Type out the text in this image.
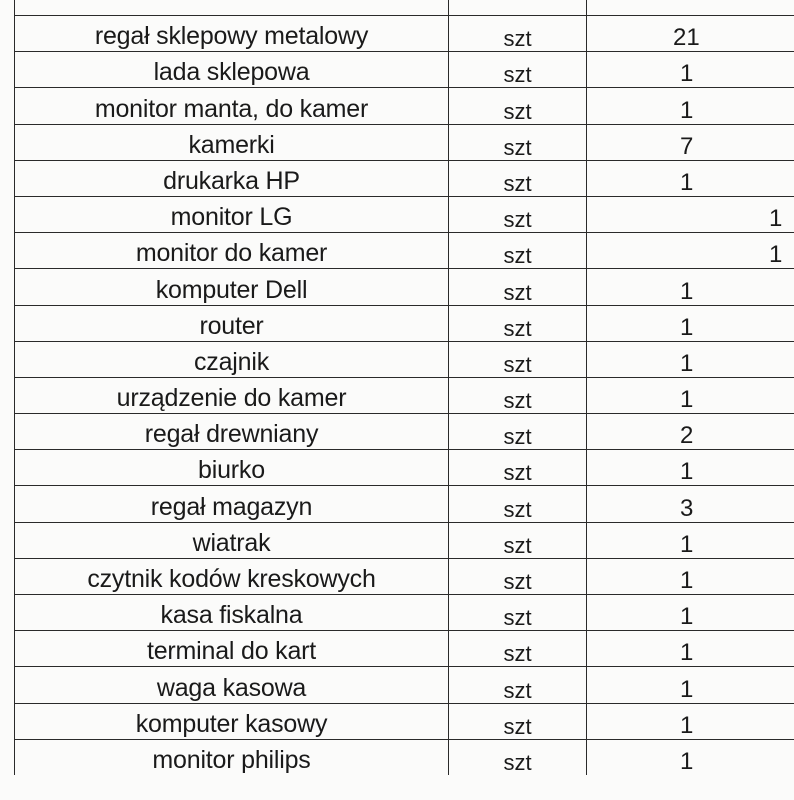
regał sklepowy metalowy	szt	21
lada sklepowa	szt	1
monitor manta, do kamer	szt	1
kamerki	szt	7
drukarka HP	szt	1
monitor LG	szt	1
monitor do kamer	szt	1
komputer Dell	szt	1
router	szt	1
czajnik	szt	1
urządzenie do kamer	szt	1
regał drewniany	szt	2
biurko	szt	1
regał magazyn	szt	3
wiatrak	szt	1
czytnik kodów kreskowych	szt	1
kasa fiskalna	szt	1
terminal do kart	szt	1
waga kasowa	szt	1
komputer kasowy	szt	1
monitor philips	szt	1
